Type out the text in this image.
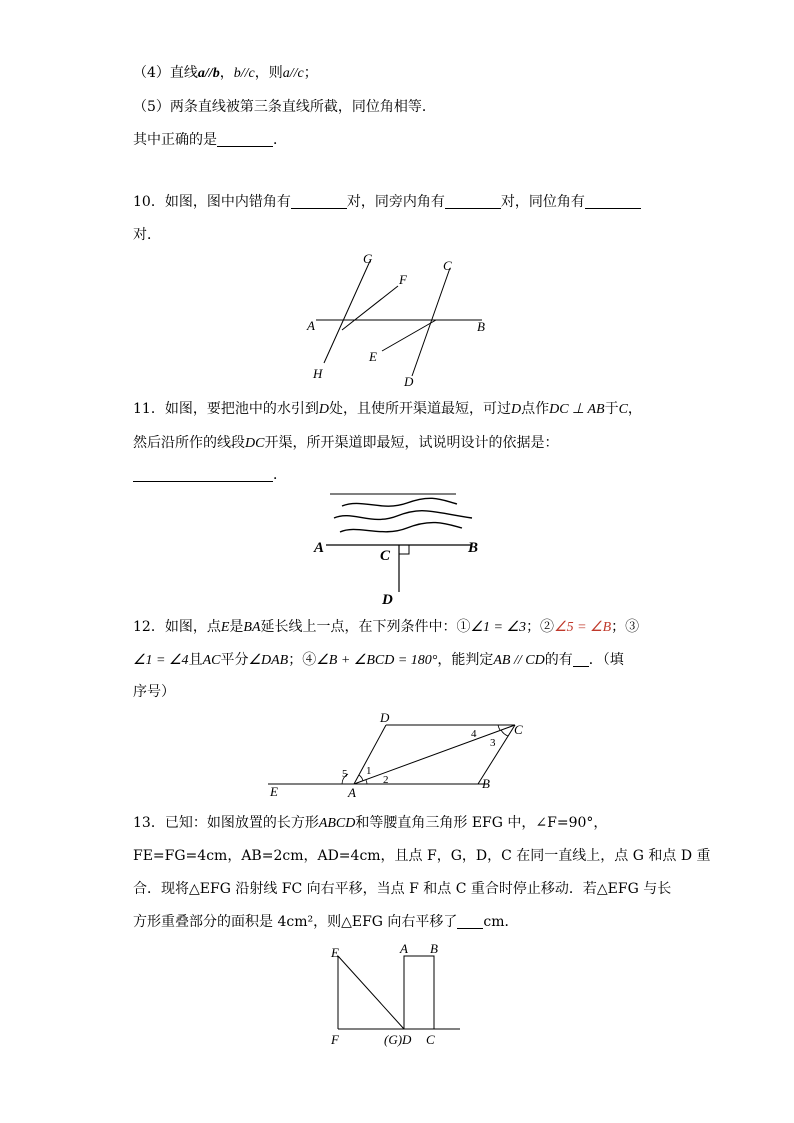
（4）直线a//b，b//c，则a//c；
（5）两条直线被第三条直线所截，同位角相等．
其中正确的是	．
10．如图，图中内错角有	对，同旁内角有	对，同位角有
对．
G
F
C
A	B
E
H
D
11．如图，要把池中的水引到D处，且使所开渠道最短，可过D点作DC ⊥ AB于C，
然后沿所作的线段DC开渠，所开渠道即最短，试说明设计的依据是：
．
A	B
C
D
12．如图，点E是BA延长线上一点，在下列条件中：①∠1 = ∠3；②∠5 = ∠B；③
∠1 = ∠4且AC平分∠DAB；④∠B + ∠BCD = 180°，能判定AB // CD的有 ．（填
序号）
D
C
E	A
B
1
2
3
4
5
13．已知：如图放置的长方形ABCD和等腰直角三角形 EFG 中，∠F=90°，
FE=FG=4cm，AB=2cm，AD=4cm，且点 F，G，D，C 在同一直线上，点 G 和点 D 重
合．现将△EFG 沿射线 FC 向右平移，当点 F 和点 C 重合时停止移动．若△EFG 与长
方形重叠部分的面积是 4cm²，则△EFG 向右平移了 cm．
E	A B
F	(G)D C
